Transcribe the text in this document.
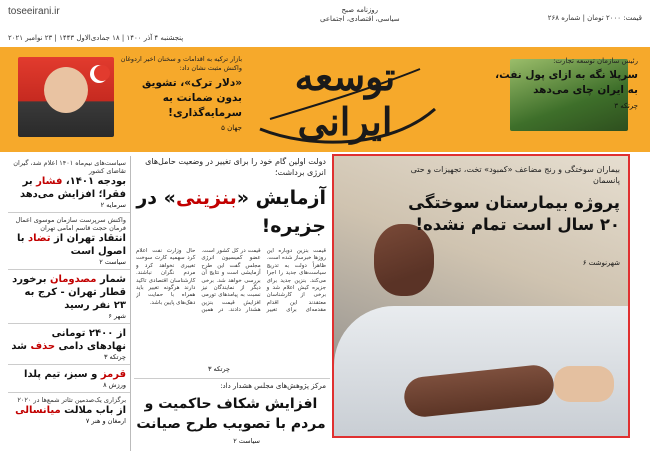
toseeirani.ir	روزنامه صبح
سیاسی، اقتصادی، اجتماعی	قیمت: ۲۰۰۰ تومان | شماره ۲۶۸
پنجشنبه ۴ آذر ۱۴۰۰ | ۱۸ جمادی‌الاول ۱۴۴۳ | ۲۳ نوامبر ۲۰۲۱
رئیس سازمان توسعه تجارت:
سرپلا نگه به ازای پول نفت، به ایران چای می‌دهد
چرتکه ۳
توسعه ایرانی
بازار ترکیه به اقدامات و سخنان اخیر اردوغان واکنش مثبت نشان داد:
«دلار ترک»، تشویق بدون ضمانت به سرمایه‌گذاری!
جهان ۵
سیاست‌های نیم‌ماه ۱۴۰۱ اعلام شد، گیران تقاضای کشور
بودجه ۱۴۰۱، فشار بر فقرا؛ افزایش می‌دهد
سرمایه ۲
واکنش سرپرست سازمان موسوی اعمال فرمان حجت قاسم امامی تهران
انتقاد تهران از تضاد با اصول است
سیاست ۲
شمار مصدومان برخورد قطار تهران - کرج به ۲۳ نفر رسید
شهر ۶
از ۲۴۰۰ تومانی نهادهای دامی حذف شد
چرتکه ۳
قرمز و سبز، تیم پلدا
ورزش ۸
برگزاری یک‌صدمین تئاتر شمع‌ها در ۲۰۲۰
از باب ملالت میانسالی
ارمغان و هنر ۷
دولت اولین گام خود را برای تغییر در وضعیت حامل‌های انرژی برداشت؛
آزمایش «بنزینی» در جزیره!
قیمت بنزین دوباره این روزها خبرساز شده است. ظاهراً دولت به تدریج سیاست‌های جدید را اجرا می‌کند. بنزین جدید برای جزیره کیش اعلام شد و برخی از کارشناسان معتقدند این اقدام مقدمه‌ای برای تغییر قیمت در کل کشور است. عضو کمیسیون انرژی مجلس گفت این طرح آزمایشی است و نتایج آن بررسی خواهد شد. برخی دیگر از نمایندگان نیز نسبت به پیامدهای تورمی افزایش قیمت بنزین هشدار دادند. در همین حال وزارت نفت اعلام کرد سهمیه کارت سوخت تغییری نخواهد کرد و مردم نگران نباشند. کارشناسان اقتصادی تاکید دارند هرگونه تغییر باید همراه با حمایت از دهک‌های پایین باشد.
چرتکه ۳
مرکز پژوهش‌های مجلس هشدار داد:
افزایش شکاف حاکمیت و مردم با تصویب طرح صیانت
سیاست ۲
بیماران سوختگی و رنج مضاعف «کمبود» تخت، تجهیزات و حتی پانسمان
پروژه بیمارستان سوختگی ۲۰ سال است تمام نشده!
شهرنوشت ۶
